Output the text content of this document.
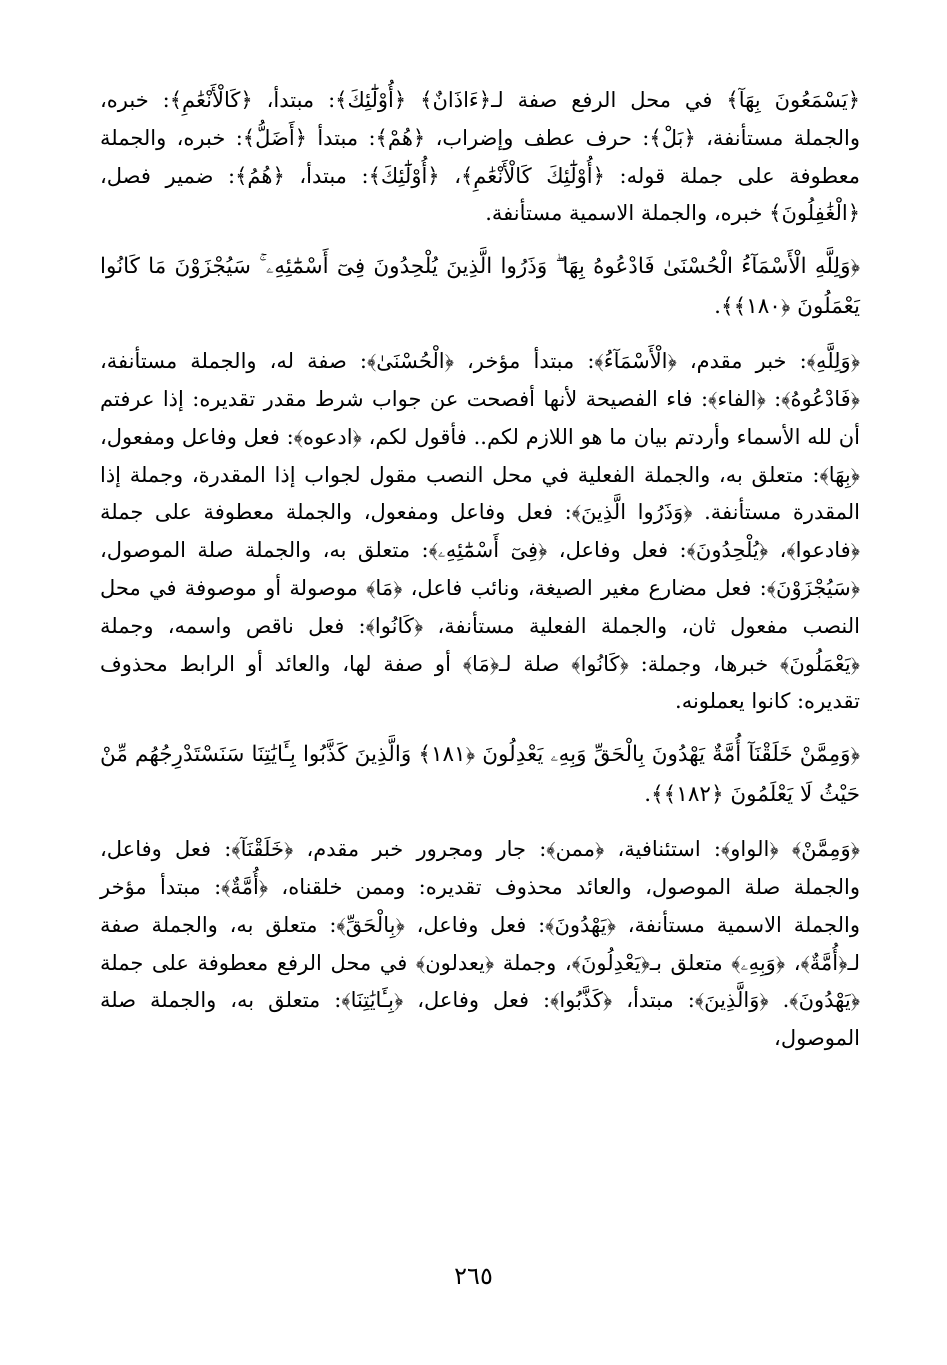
﴿يَسْمَعُونَ بِهَآ﴾ في محل الرفع صفة لـ﴿ءَاذَانٌ﴾ ﴿أُوْلَٰٓئِكَ﴾: مبتدأ، ﴿كَالْأَنْعَٰمِ﴾: خبره، والجملة مستأنفة، ﴿بَلْ﴾: حرف عطف وإضراب، ﴿هُمْ﴾: مبتدأ ﴿أَضَلُّ﴾: خبره، والجملة معطوفة على جملة قوله: ﴿أُوْلَٰٓئِكَ كَالْأَنْعَٰمِ﴾، ﴿أُوْلَٰٓئِكَ﴾: مبتدأ، ﴿هُمُ﴾: ضمير فصل، ﴿الْغَٰفِلُونَ﴾ خبره، والجملة الاسمية مستأنفة.

﴿وَلِلَّهِ الْأَسْمَآءُ الْحُسْنَىٰ فَادْعُوهُ بِهَا ۖ وَذَرُوا الَّذِينَ يُلْحِدُونَ فِىٓ أَسْمَٰٓئِهِۦ ۚ سَيُجْزَوْنَ مَا كَانُوا يَعْمَلُونَ ﴿١٨٠﴾﴾.

﴿وَلِلَّهِ﴾: خبر مقدم، ﴿الْأَسْمَآءُ﴾: مبتدأ مؤخر، ﴿الْحُسْنَىٰ﴾: صفة له، والجملة مستأنفة، ﴿فَادْعُوهُ﴾: ﴿الفاء﴾: فاء الفصيحة لأنها أفصحت عن جواب شرط مقدر تقديره: إذا عرفتم أن لله الأسماء وأردتم بيان ما هو اللازم لكم.. فأقول لكم، ﴿ادعوه﴾: فعل وفاعل ومفعول، ﴿بِهَا﴾: متعلق به، والجملة الفعلية في محل النصب مقول لجواب إذا المقدرة، وجملة إذا المقدرة مستأنفة. ﴿وَذَرُوا الَّذِينَ﴾: فعل وفاعل ومفعول، والجملة معطوفة على جملة ﴿فادعوا﴾، ﴿يُلْحِدُونَ﴾: فعل وفاعل، ﴿فِىٓ أَسْمَٰٓئِهِۦ﴾: متعلق به، والجملة صلة الموصول، ﴿سَيُجْزَوْنَ﴾: فعل مضارع مغير الصيغة، ونائب فاعل، ﴿مَا﴾ موصولة أو موصوفة في محل النصب مفعول ثان، والجملة الفعلية مستأنفة، ﴿كَانُوا﴾: فعل ناقص واسمه، وجملة ﴿يَعْمَلُونَ﴾ خبرها، وجملة: ﴿كَانُوا﴾ صلة لـ﴿مَا﴾ أو صفة لها، والعائد أو الرابط محذوف تقديره: كانوا يعملونه.

﴿وَمِمَّنْ خَلَقْنَآ أُمَّةٌ يَهْدُونَ بِالْحَقِّ وَبِهِۦ يَعْدِلُونَ ﴿١٨١﴾ وَالَّذِينَ كَذَّبُوا بِـَٔايَٰتِنَا سَنَسْتَدْرِجُهُم مِّنْ حَيْثُ لَا يَعْلَمُونَ ﴿١٨٢﴾﴾.

﴿وَمِمَّنْ﴾ ﴿الواو﴾: استئنافية، ﴿ممن﴾: جار ومجرور خبر مقدم، ﴿خَلَقْنَآ﴾: فعل وفاعل، والجملة صلة الموصول، والعائد محذوف تقديره: وممن خلقناه، ﴿أُمَّةٌ﴾: مبتدأ مؤخر والجملة الاسمية مستأنفة، ﴿يَهْدُونَ﴾: فعل وفاعل، ﴿بِالْحَقِّ﴾: متعلق به، والجملة صفة لـ﴿أُمَّةٌ﴾، ﴿وَبِهِۦ﴾ متعلق بـ﴿يَعْدِلُونَ﴾، وجملة ﴿يعدلون﴾ في محل الرفع معطوفة على جملة ﴿يَهْدُونَ﴾. ﴿وَالَّذِينَ﴾: مبتدأ، ﴿كَذَّبُوا﴾: فعل وفاعل، ﴿بِـَٔايَٰتِنَا﴾: متعلق به، والجملة صلة الموصول،

٢٦٥
